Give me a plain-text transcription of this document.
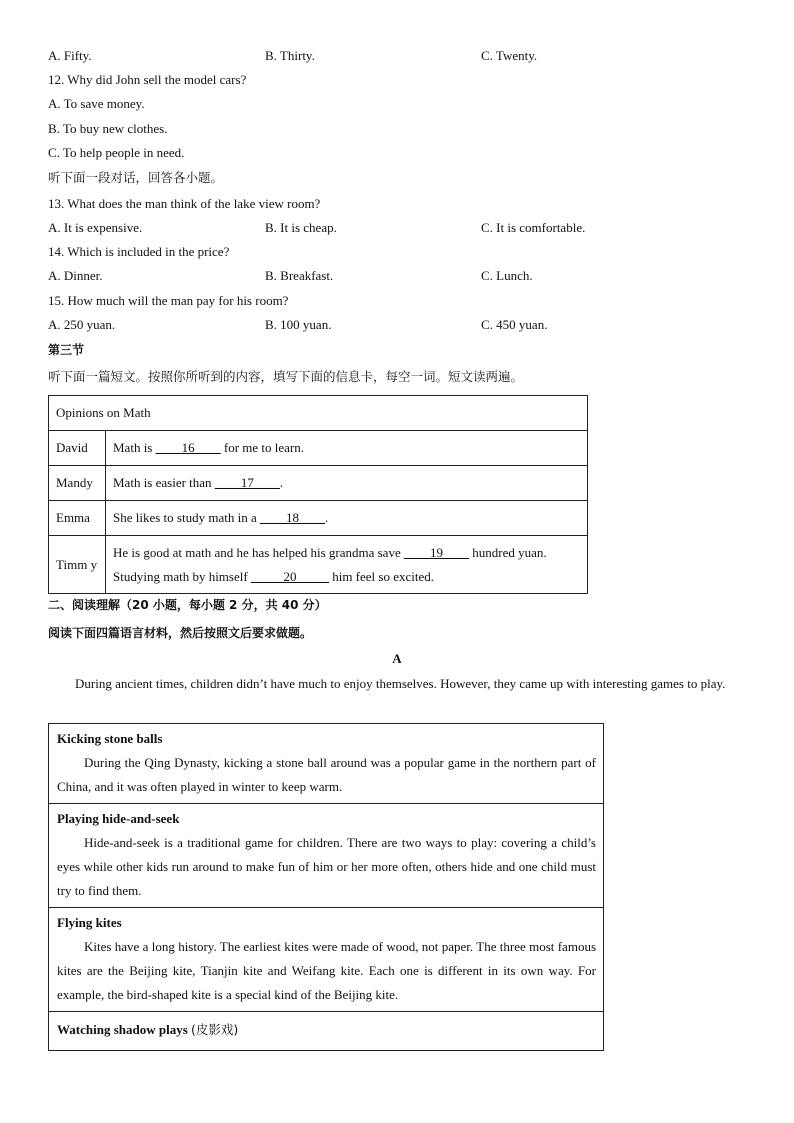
A. Fifty.	B. Thirty.	C. Twenty.
12. Why did John sell the model cars?
A. To save money.
B. To buy new clothes.
C. To help people in need.
听下面一段对话，回答各小题。
13. What does the man think of the lake view room?
A. It is expensive.	B. It is cheap.	C. It is comfortable.
14. Which is included in the price?
A. Dinner.	B. Breakfast.	C. Lunch.
15. How much will the man pay for his room?
A. 250 yuan.	B. 100 yuan.	C. 450 yuan.
第三节
听下面一篇短文。按照你所听到的内容，填写下面的信息卡，每空一词。短文读两遍。
Opinions on Math	
David	Math is ____16____ for me to learn.
Mandy	Math is easier than ____17____.
Emma	She likes to study math in a ____18____.
Timm y	He is good at math and he has helped his grandma save ____19____ hundred yuan.
Studying math by himself _____20_____ him feel so excited.
二、阅读理解（20 小题，每小题 2 分，共 40 分）
阅读下面四篇语言材料，然后按照文后要求做题。
A
During ancient times, children didn’t have much to enjoy themselves. However, they came up with interesting games to play.
Kicking stone balls
During the Qing Dynasty, kicking a stone ball around was a popular game in the northern part of China, and it was often played in winter to keep warm.

Playing hide-and-seek
Hide-and-seek is a traditional game for children. There are two ways to play: covering a child’s eyes while other kids run around to make fun of him or her more often, others hide and one child must try to find them.

Flying kites
Kites have a long history. The earliest kites were made of wood, not paper. The three most famous kites are the Beijing kite, Tianjin kite and Weifang kite. Each one is different in its own way. For example, the bird-shaped kite is a special kind of the Beijing kite.

Watching shadow plays (皮影戏)
